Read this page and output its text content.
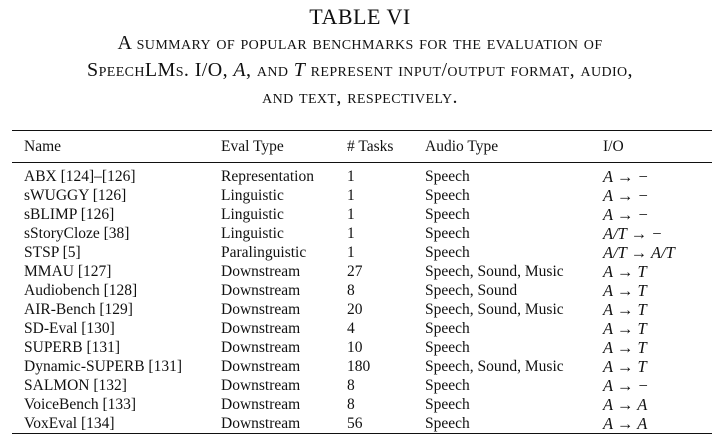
TABLE VI
A summary of popular benchmarks for the evaluation of
SpeechLMs. I/O, A, and T represent input/output format, audio,
and text, respectively.
Name	Eval Type	# Tasks	Audio Type	I/O
ABX [124]–[126]	Representation	1	Speech	A → −
sWUGGY [126]	Linguistic	1	Speech	A → −
sBLIMP [126]	Linguistic	1	Speech	A → −
sStoryCloze [38]	Linguistic	1	Speech	A/T → −
STSP [5]	Paralinguistic	1	Speech	A/T → A/T
MMAU [127]	Downstream	27	Speech, Sound, Music	A → T
Audiobench [128]	Downstream	8	Speech, Sound	A → T
AIR-Bench [129]	Downstream	20	Speech, Sound, Music	A → T
SD-Eval [130]	Downstream	4	Speech	A → T
SUPERB [131]	Downstream	10	Speech	A → T
Dynamic-SUPERB [131]	Downstream	180	Speech, Sound, Music	A → T
SALMON [132]	Downstream	8	Speech	A → −
VoiceBench [133]	Downstream	8	Speech	A → A
VoxEval [134]	Downstream	56	Speech	A → A
